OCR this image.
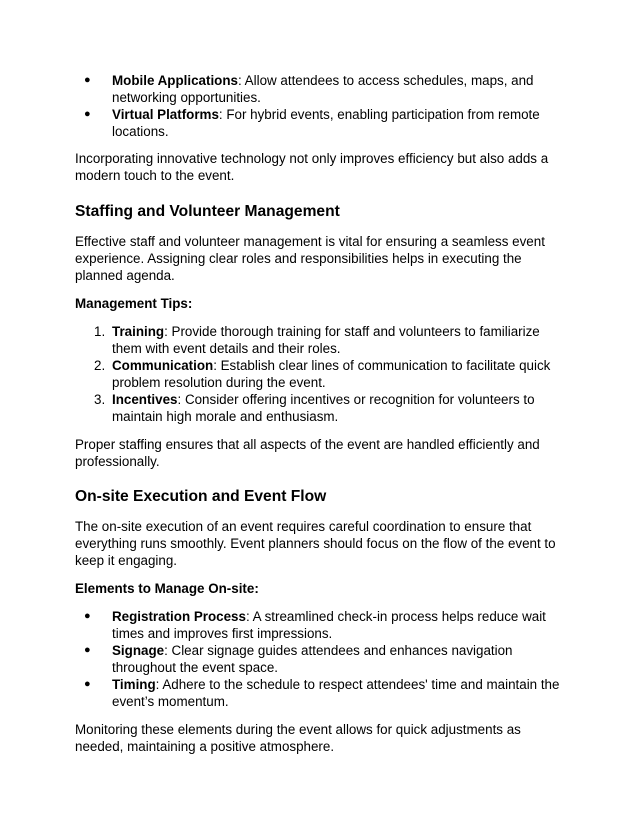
●	Mobile Applications: Allow attendees to access schedules, maps, and networking opportunities.
●	Virtual Platforms: For hybrid events, enabling participation from remote locations.

Incorporating innovative technology not only improves efficiency but also adds a modern touch to the event.

Staffing and Volunteer Management

Effective staff and volunteer management is vital for ensuring a seamless event experience. Assigning clear roles and responsibilities helps in executing the planned agenda.

Management Tips:

1. Training: Provide thorough training for staff and volunteers to familiarize them with event details and their roles.
2. Communication: Establish clear lines of communication to facilitate quick problem resolution during the event.
3. Incentives: Consider offering incentives or recognition for volunteers to maintain high morale and enthusiasm.

Proper staffing ensures that all aspects of the event are handled efficiently and professionally.

On-site Execution and Event Flow

The on-site execution of an event requires careful coordination to ensure that everything runs smoothly. Event planners should focus on the flow of the event to keep it engaging.

Elements to Manage On-site:

●	Registration Process: A streamlined check-in process helps reduce wait times and improves first impressions.
●	Signage: Clear signage guides attendees and enhances navigation throughout the event space.
●	Timing: Adhere to the schedule to respect attendees' time and maintain the event’s momentum.

Monitoring these elements during the event allows for quick adjustments as needed, maintaining a positive atmosphere.
